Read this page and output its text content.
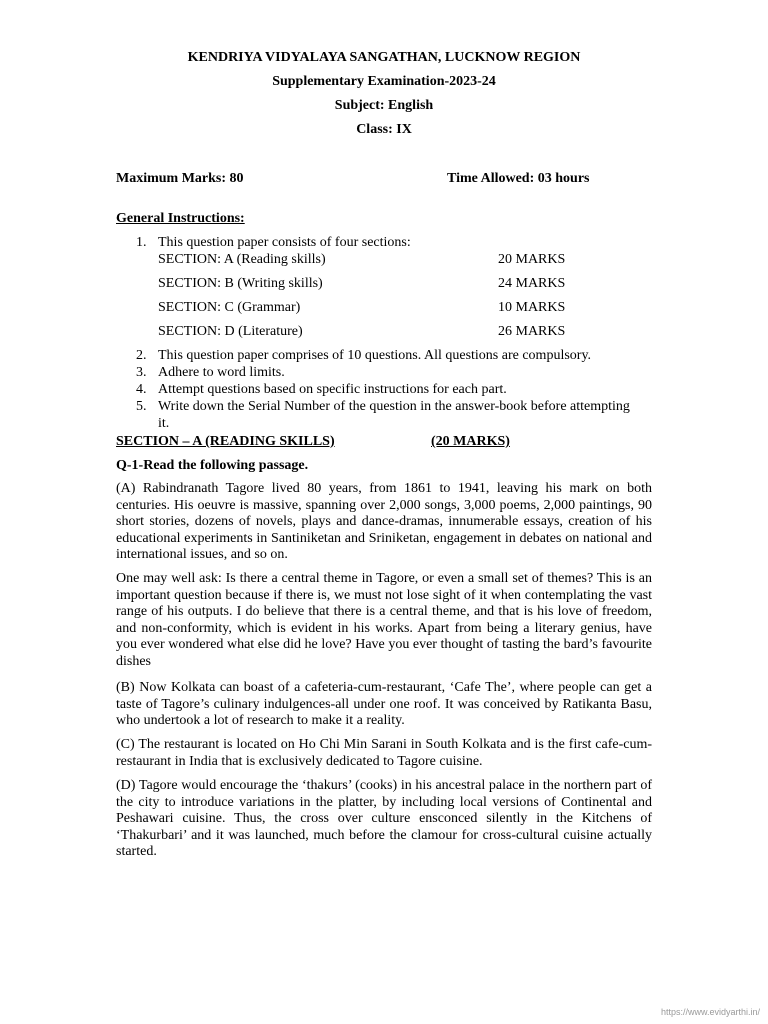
KENDRIYA VIDYALAYA SANGATHAN, LUCKNOW REGION
Supplementary Examination-2023-24
Subject: English
Class: IX
Maximum Marks: 80	Time Allowed: 03 hours
General Instructions:
1. This question paper consists of four sections:
SECTION: A (Reading skills)	20 MARKS
SECTION: B (Writing skills)	24 MARKS
SECTION: C (Grammar)	10 MARKS
SECTION: D (Literature)	26 MARKS
2. This question paper comprises of 10 questions. All questions are compulsory.
3. Adhere to word limits.
4. Attempt questions based on specific instructions for each part.
5. Write down the Serial Number of the question in the answer-book before attempting it.
SECTION – A (READING SKILLS)	(20 MARKS)
Q-1-Read the following passage.
(A) Rabindranath Tagore lived 80 years, from 1861 to 1941, leaving his mark on both centuries. His oeuvre is massive, spanning over 2,000 songs, 3,000 poems, 2,000 paintings, 90 short stories, dozens of novels, plays and dance-dramas, innumerable essays, creation of his educational experiments in Santiniketan and Sriniketan, engagement in debates on national and international issues, and so on.
One may well ask: Is there a central theme in Tagore, or even a small set of themes? This is an important question because if there is, we must not lose sight of it when contemplating the vast range of his outputs. I do believe that there is a central theme, and that is his love of freedom, and non-conformity, which is evident in his works. Apart from being a literary genius, have you ever wondered what else did he love? Have you ever thought of tasting the bard’s favourite dishes
(B) Now Kolkata can boast of a cafeteria-cum-restaurant, ‘Cafe The’, where people can get a taste of Tagore’s culinary indulgences-all under one roof. It was conceived by Ratikanta Basu, who undertook a lot of research to make it a reality.
(C) The restaurant is located on Ho Chi Min Sarani in South Kolkata and is the first cafe-cum-restaurant in India that is exclusively dedicated to Tagore cuisine.
(D) Tagore would encourage the ‘thakurs’ (cooks) in his ancestral palace in the northern part of the city to introduce variations in the platter, by including local versions of Continental and Peshawari cuisine. Thus, the cross over culture ensconced silently in the Kitchens of ‘Thakurbari’ and it was launched, much before the clamour for cross-cultural cuisine actually started.
https://www.evidyarthi.in/
